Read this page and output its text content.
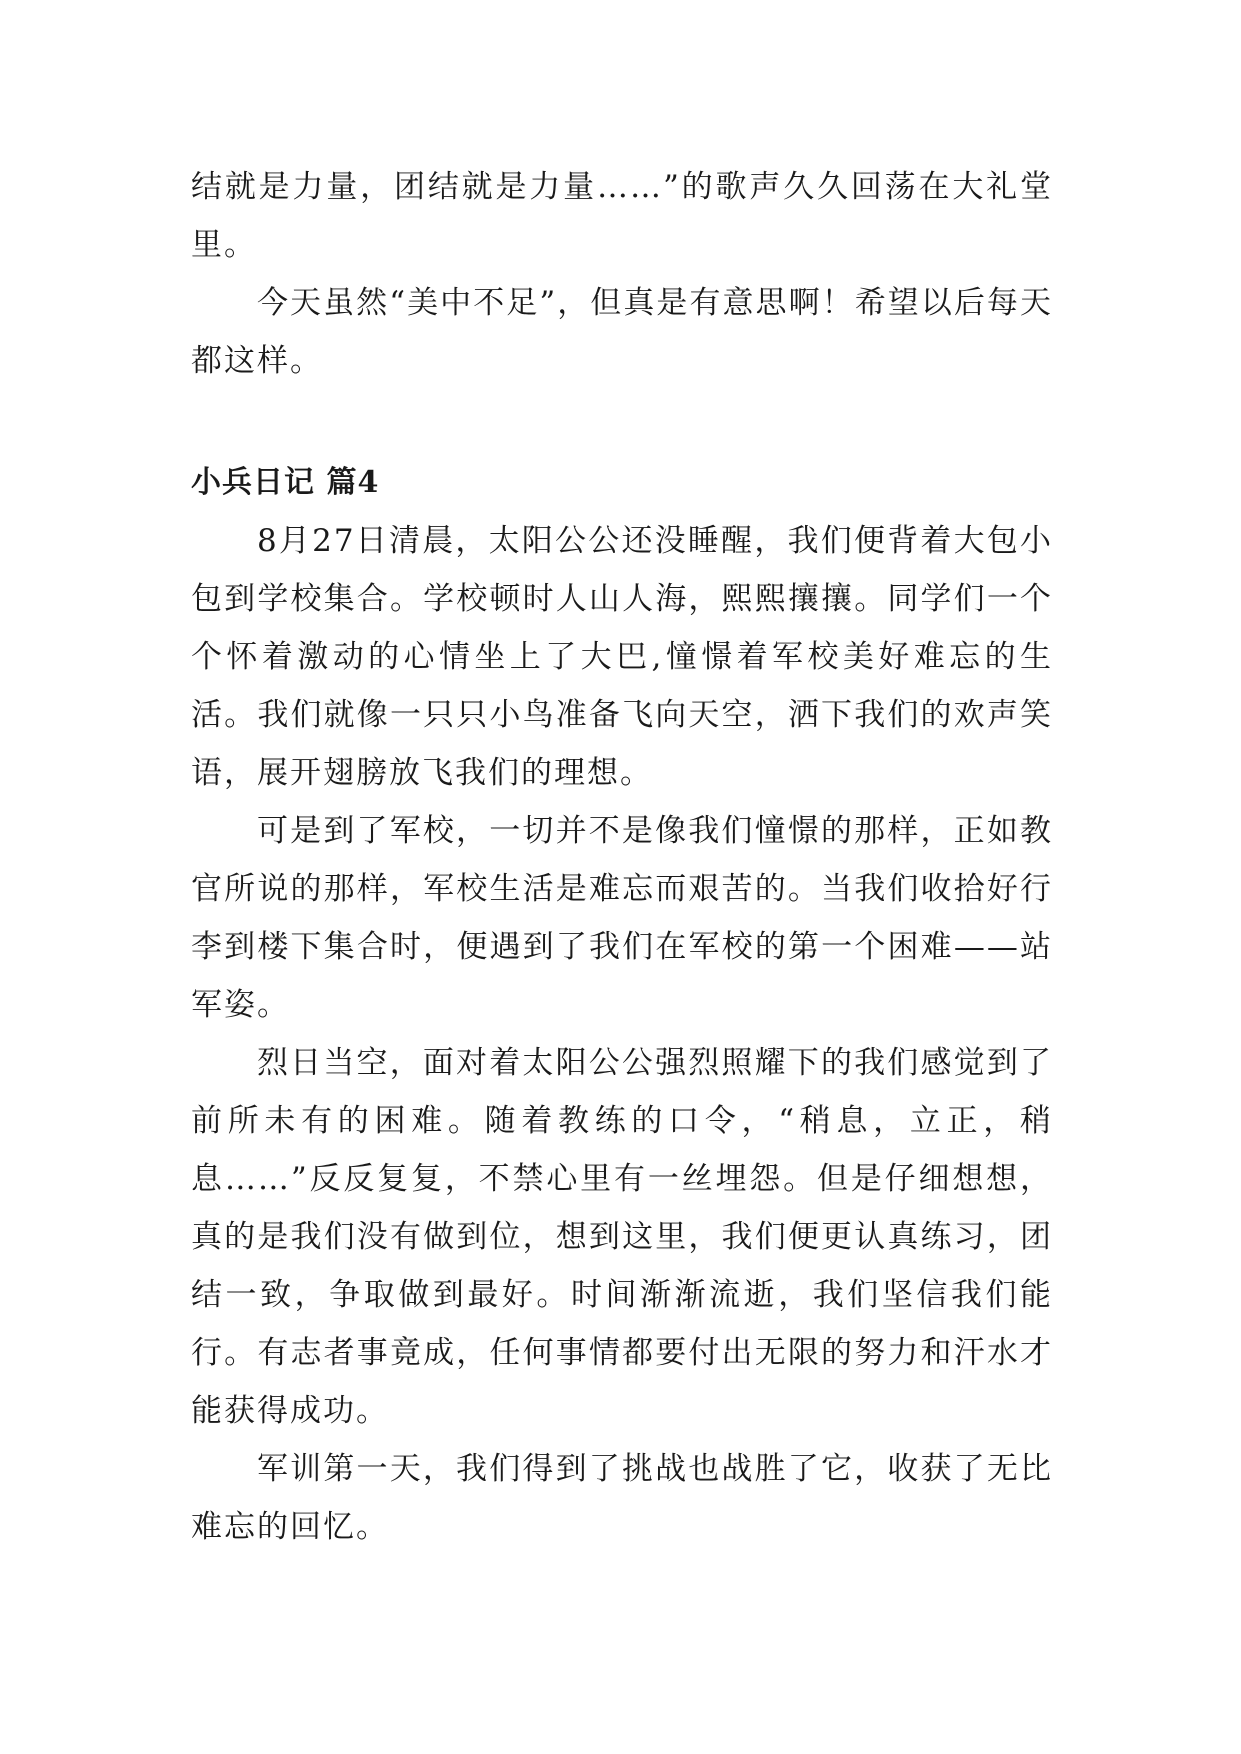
结就是力量，团结就是力量……”的歌声久久回荡在大礼堂里。

今天虽然“美中不足”，但真是有意思啊！希望以后每天都这样。

小兵日记 篇4

8月27日清晨，太阳公公还没睡醒，我们便背着大包小包到学校集合。学校顿时人山人海，熙熙攘攘。同学们一个个怀着激动的心情坐上了大巴,憧憬着军校美好难忘的生活。我们就像一只只小鸟准备飞向天空，洒下我们的欢声笑语，展开翅膀放飞我们的理想。

可是到了军校，一切并不是像我们憧憬的那样，正如教官所说的那样，军校生活是难忘而艰苦的。当我们收拾好行李到楼下集合时，便遇到了我们在军校的第一个困难——站军姿。

烈日当空，面对着太阳公公强烈照耀下的我们感觉到了前所未有的困难。随着教练的口令，“稍息，立正，稍息……”反反复复，不禁心里有一丝埋怨。但是仔细想想，真的是我们没有做到位，想到这里，我们便更认真练习，团结一致，争取做到最好。时间渐渐流逝，我们坚信我们能行。有志者事竟成，任何事情都要付出无限的努力和汗水才能获得成功。

军训第一天，我们得到了挑战也战胜了它，收获了无比难忘的回忆。
